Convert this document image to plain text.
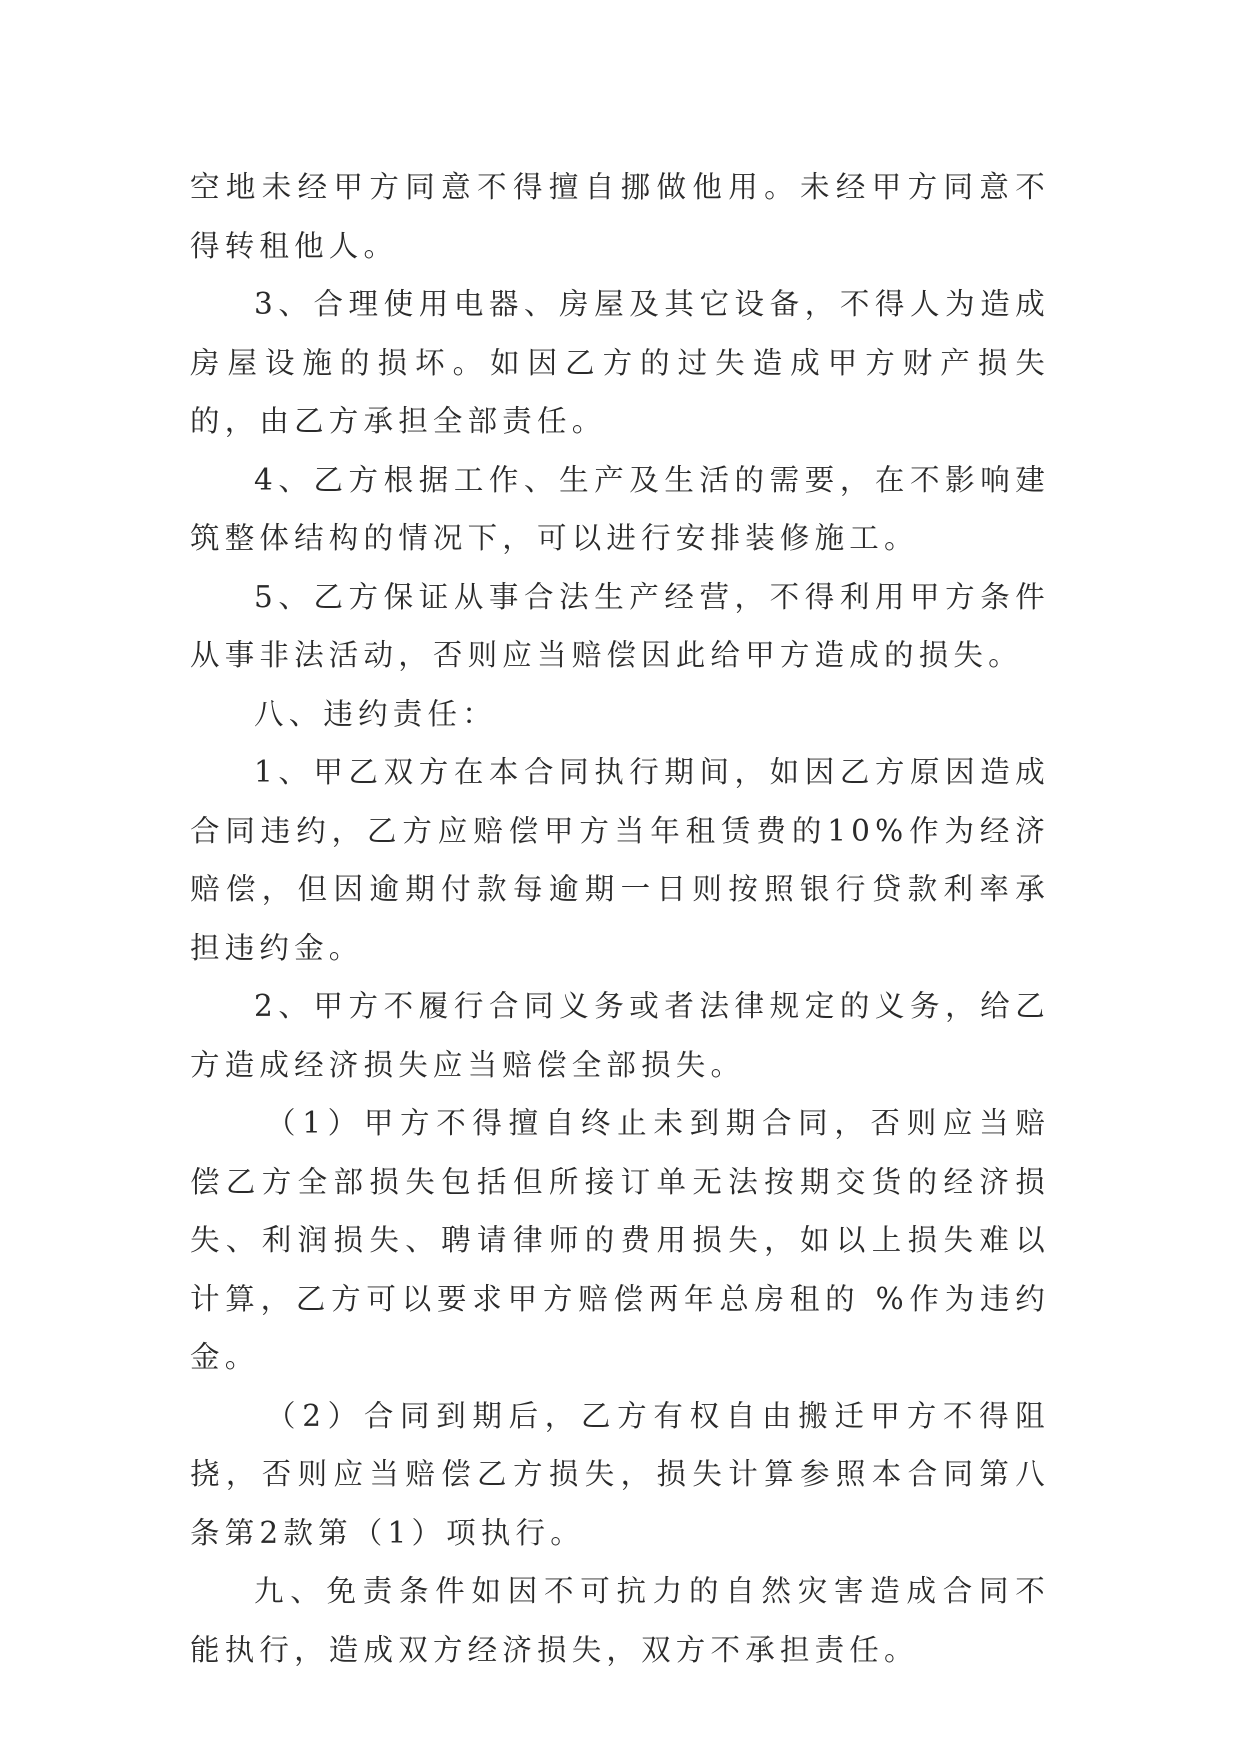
空地未经甲方同意不得擅自挪做他用。未经甲方同意不得转租他人。

3、合理使用电器、房屋及其它设备，不得人为造成房屋设施的损坏。如因乙方的过失造成甲方财产损失的，由乙方承担全部责任。

4、乙方根据工作、生产及生活的需要，在不影响建筑整体结构的情况下，可以进行安排装修施工。

5、乙方保证从事合法生产经营，不得利用甲方条件从事非法活动，否则应当赔偿因此给甲方造成的损失。

八、违约责任：

1、甲乙双方在本合同执行期间，如因乙方原因造成合同违约，乙方应赔偿甲方当年租赁费的10%作为经济赔偿，但因逾期付款每逾期一日则按照银行贷款利率承担违约金。

2、甲方不履行合同义务或者法律规定的义务，给乙方造成经济损失应当赔偿全部损失。

（1）甲方不得擅自终止未到期合同，否则应当赔偿乙方全部损失包括但所接订单无法按期交货的经济损失、利润损失、聘请律师的费用损失，如以上损失难以计算，乙方可以要求甲方赔偿两年总房租的 %作为违约金。

（2）合同到期后，乙方有权自由搬迁甲方不得阻挠，否则应当赔偿乙方损失，损失计算参照本合同第八条第2款第（1）项执行。

九、免责条件如因不可抗力的自然灾害造成合同不能执行，造成双方经济损失，双方不承担责任。
